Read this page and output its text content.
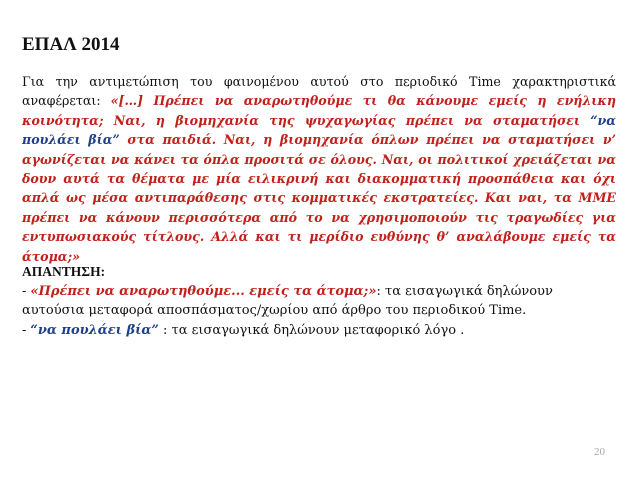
ΕΠΑΛ 2014

Για την αντιμετώπιση του φαινομένου αυτού στο περιοδικό Time χαρακτηριστικά αναφέρεται: «[…] Πρέπει να αναρωτηθούμε τι θα κάνουμε εμείς η ενήλικη κοινότητα; Ναι, η βιομηχανία της ψυχαγωγίας πρέπει να σταματήσει “να πουλάει βία” στα παιδιά. Ναι, η βιομηχανία όπλων πρέπει να σταματήσει ν’ αγωνίζεται να κάνει τα όπλα προσιτά σε όλους. Ναι, οι πολιτικοί χρειάζεται να δουν αυτά τα θέματα με μία ειλικρινή και διακομματική προσπάθεια και όχι απλά ως μέσα αντιπαράθεσης στις κομματικές εκστρατείες. Και ναι, τα ΜΜΕ πρέπει να κάνουν περισσότερα από το να χρησιμοποιούν τις τραγωδίες για εντυπωσιακούς τίτλους. Αλλά και τι μερίδιο ευθύνης θ’ αναλάβουμε εμείς τα άτομα;»

ΑΠΑΝΤΗΣΗ:
- «Πρέπει να αναρωτηθούμε... εμείς τα άτομα;»: τα εισαγωγικά δηλώνουν αυτούσια μεταφορά αποσπάσματος/χωρίου από άρθρο του περιοδικού Time.
- “να πουλάει βία” : τα εισαγωγικά δηλώνουν μεταφορικό λόγο .
20
